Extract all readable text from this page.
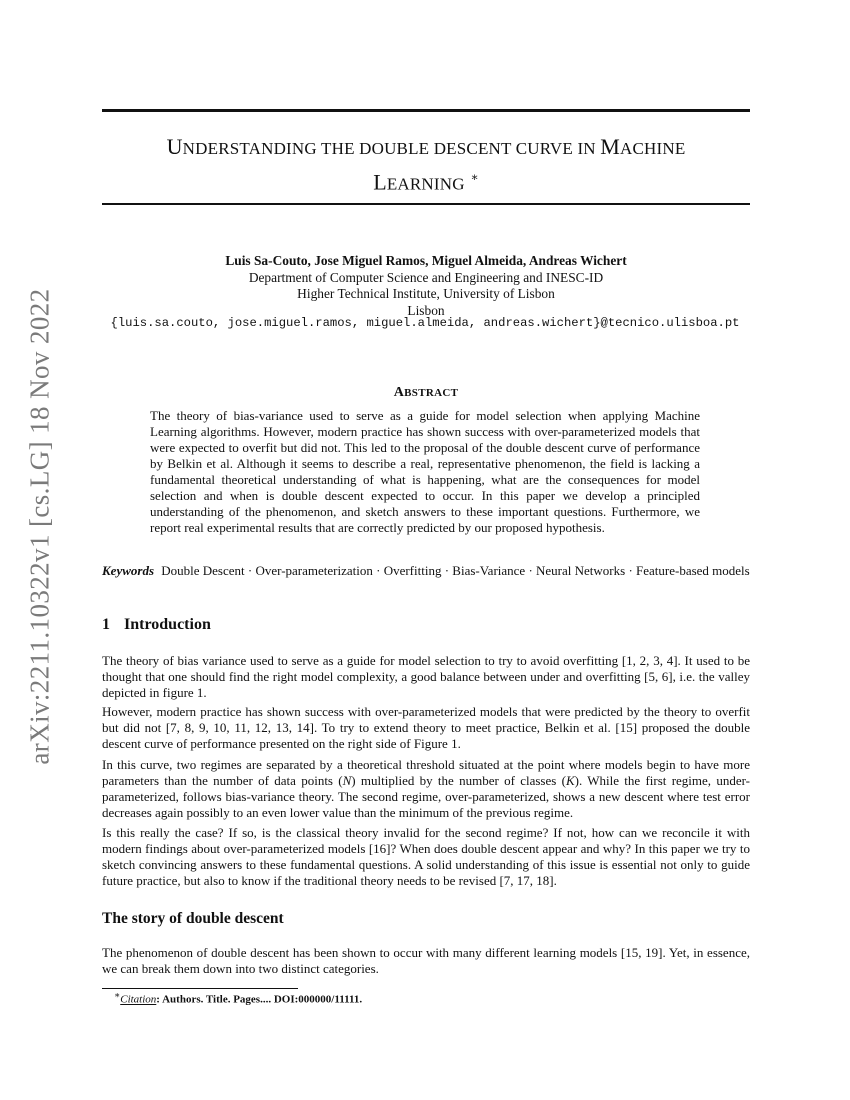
arXiv:2211.10322v1 [cs.LG] 18 Nov 2022
UNDERSTANDING THE DOUBLE DESCENT CURVE IN MACHINE
LEARNING ∗
Luis Sa-Couto, Jose Miguel Ramos, Miguel Almeida, Andreas Wichert
Department of Computer Science and Engineering and INESC-ID
Higher Technical Institute, University of Lisbon
Lisbon
{luis.sa.couto, jose.miguel.ramos, miguel.almeida, andreas.wichert}@tecnico.ulisboa.pt
ABSTRACT
The theory of bias-variance used to serve as a guide for model selection when applying Machine Learning algorithms. However, modern practice has shown success with over-parameterized models that were expected to overfit but did not. This led to the proposal of the double descent curve of performance by Belkin et al. Although it seems to describe a real, representative phenomenon, the field is lacking a fundamental theoretical understanding of what is happening, what are the consequences for model selection and when is double descent expected to occur. In this paper we develop a principled understanding of the phenomenon, and sketch answers to these important questions. Furthermore, we report real experimental results that are correctly predicted by our proposed hypothesis.
Keywords Double Descent · Over-parameterization · Overfitting · Bias-Variance · Neural Networks · Feature-based models
1 Introduction

The theory of bias variance used to serve as a guide for model selection to try to avoid overfitting [1, 2, 3, 4]. It used to be thought that one should find the right model complexity, a good balance between under and overfitting [5, 6], i.e. the valley depicted in figure 1.

However, modern practice has shown success with over-parameterized models that were predicted by the theory to overfit but did not [7, 8, 9, 10, 11, 12, 13, 14]. To try to extend theory to meet practice, Belkin et al. [15] proposed the double descent curve of performance presented on the right side of Figure 1.

In this curve, two regimes are separated by a theoretical threshold situated at the point where models begin to have more parameters than the number of data points (N) multiplied by the number of classes (K). While the first regime, under-parameterized, follows bias-variance theory. The second regime, over-parameterized, shows a new descent where test error decreases again possibly to an even lower value than the minimum of the previous regime.

Is this really the case? If so, is the classical theory invalid for the second regime? If not, how can we reconcile it with modern findings about over-parameterized models [16]? When does double descent appear and why? In this paper we try to sketch convincing answers to these fundamental questions. A solid understanding of this issue is essential not only to guide future practice, but also to know if the traditional theory needs to be revised [7, 17, 18].

The story of double descent

The phenomenon of double descent has been shown to occur with many different learning models [15, 19]. Yet, in essence, we can break them down into two distinct categories.

∗Citation: Authors. Title. Pages.... DOI:000000/11111.
